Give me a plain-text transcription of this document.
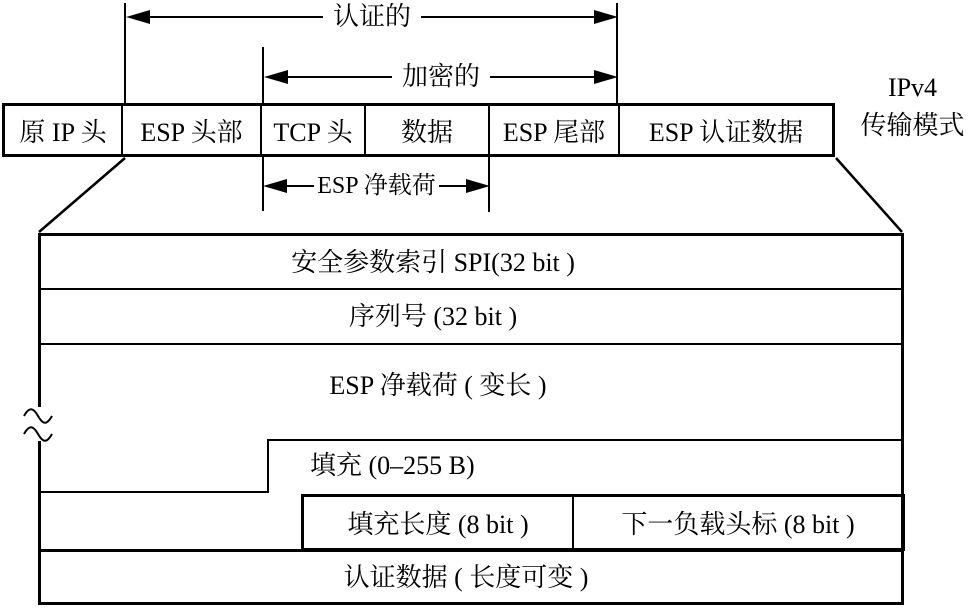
认证的
加密的
原 IP 头	ESP 头部	TCP 头	数据	ESP 尾部	ESP 认证数据
IPv4
传输模式
ESP 净载荷
安全参数索引 SPI(32 bit )
序列号 (32 bit )
ESP 净载荷 ( 变长 )
填充 (0–255 B)
认证数据 ( 长度可变 )
填充长度 (8 bit )	下一负载头标 (8 bit )
